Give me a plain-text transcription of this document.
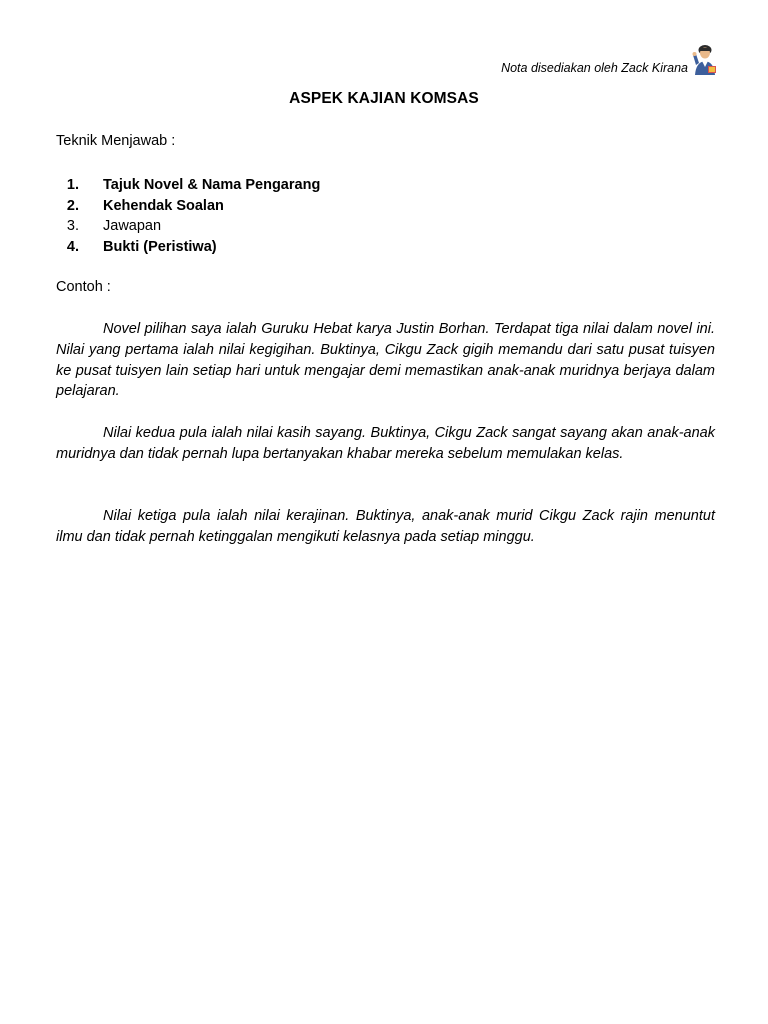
Nota disediakan oleh Zack Kirana
ASPEK KAJIAN KOMSAS
Teknik Menjawab :
1. Tajuk Novel & Nama Pengarang
2. Kehendak Soalan
3. Jawapan
4. Bukti (Peristiwa)
Contoh :

Novel pilihan saya ialah Guruku Hebat karya Justin Borhan. Terdapat tiga nilai dalam novel ini. Nilai yang pertama ialah nilai kegigihan. Buktinya, Cikgu Zack gigih memandu dari satu pusat tuisyen ke pusat tuisyen lain setiap hari untuk mengajar demi memastikan anak-anak muridnya berjaya dalam pelajaran.

Nilai kedua pula ialah nilai kasih sayang. Buktinya, Cikgu Zack sangat sayang akan anak-anak muridnya dan tidak pernah lupa bertanyakan khabar mereka sebelum memulakan kelas.

Nilai ketiga pula ialah nilai kerajinan. Buktinya, anak-anak murid Cikgu Zack rajin menuntut ilmu dan tidak pernah ketinggalan mengikuti kelasnya pada setiap minggu.
